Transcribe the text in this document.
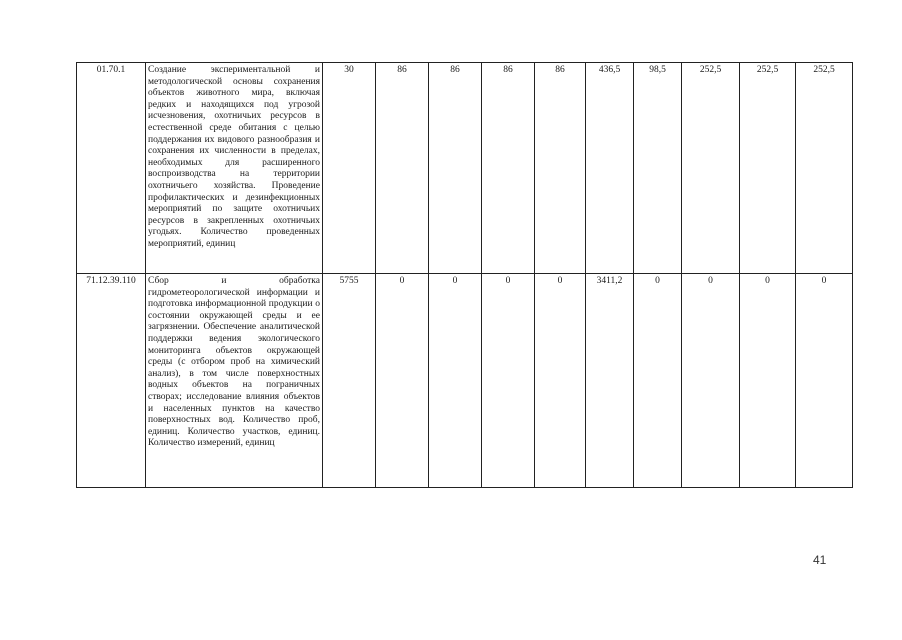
01.70.1	Создание экспериментальной и методологической основы сохранения объектов животного мира, включая редких и находящихся под угрозой исчезновения, охотничьих ресурсов в естественной среде обитания с целью поддержания их видового разнообразия и сохранения их численности в пределах, необходимых для расширенного воспроизводства на территории охотничьего хозяйства. Проведение профилактических и дезинфекционных мероприятий по защите охотничьих ресурсов в закрепленных охотничьих угодьях. Количество проведенных мероприятий, единиц	30	86	86	86	86	436,5	98,5	252,5	252,5	252,5
71.12.39.110	Сбор и обработка гидрометеорологической информации и подготовка информационной продукции о состоянии окружающей среды и ее загрязнении. Обеспечение аналитической поддержки ведения экологического мониторинга объектов окружающей среды (с отбором проб на химический анализ), в том числе поверхностных водных объектов на пограничных створах; исследование влияния объектов и населенных пунктов на качество поверхностных вод. Количество проб, единиц. Количество участков, единиц. Количество измерений, единиц	5755	0	0	0	0	3411,2	0	0	0	0
41
